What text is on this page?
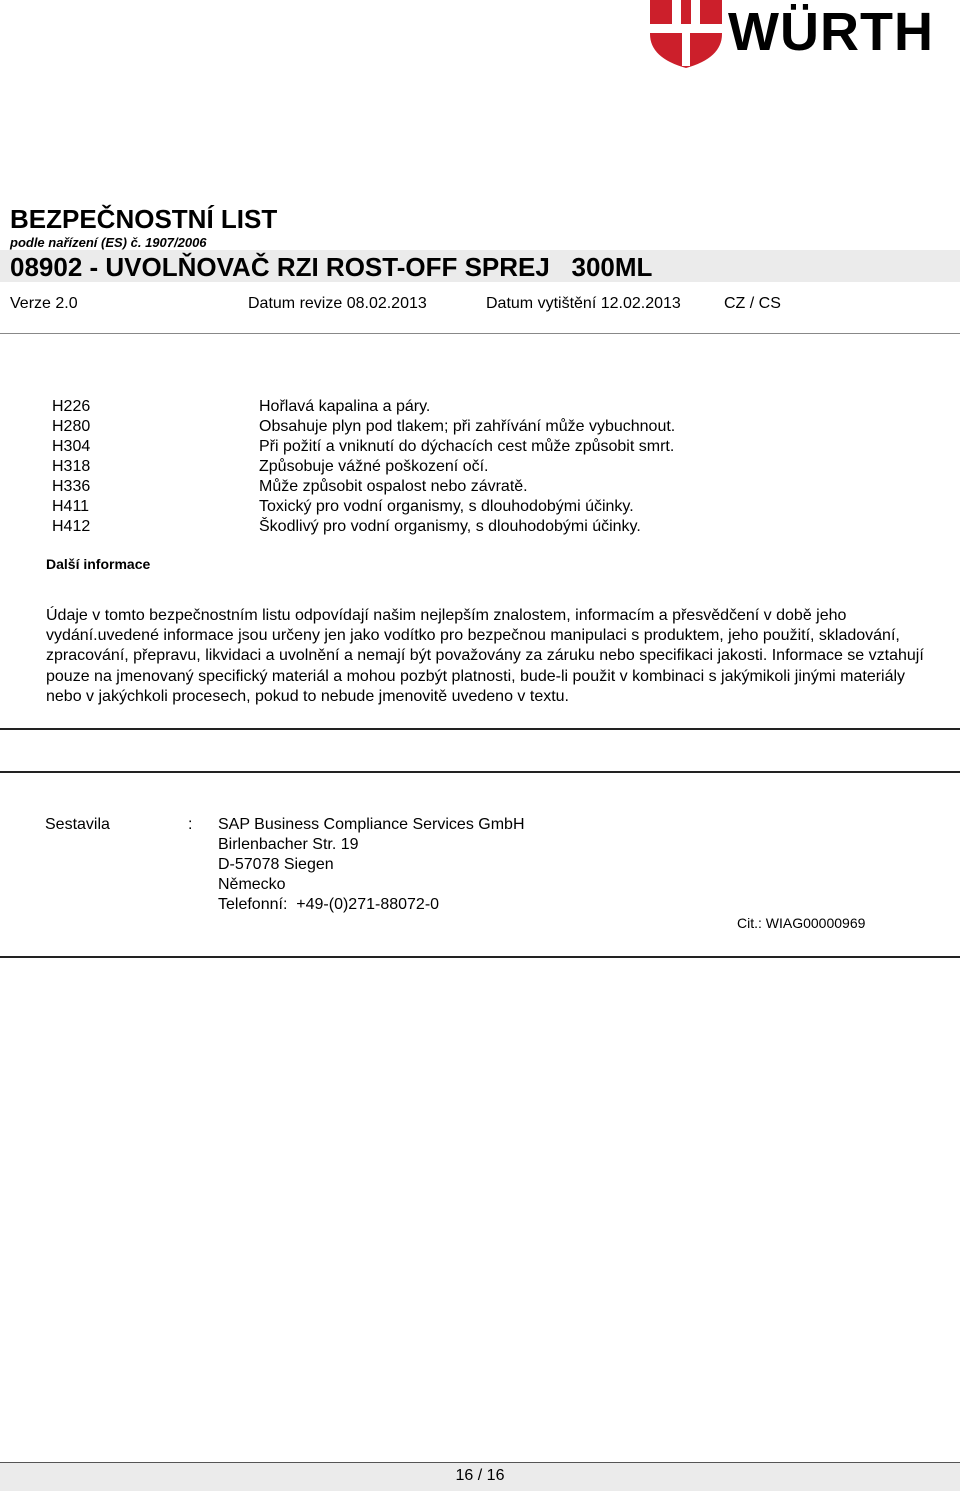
WÜRTH
BEZPEČNOSTNÍ LIST
podle nařízení (ES) č. 1907/2006
08902 - UVOLŇOVAČ RZI ROST-OFF SPREJ   300ML
Verze 2.0	Datum revize 08.02.2013	Datum vytištění 12.02.2013	CZ / CS
H226	Hořlavá kapalina a páry.
H280	Obsahuje plyn pod tlakem; při zahřívání může vybuchnout.
H304	Při požití a vniknutí do dýchacích cest může způsobit smrt.
H318	Způsobuje vážné poškození očí.
H336	Může způsobit ospalost nebo závratě.
H411	Toxický pro vodní organismy, s dlouhodobými účinky.
H412	Škodlivý pro vodní organismy, s dlouhodobými účinky.
Další informace
Údaje v tomto bezpečnostním listu odpovídají našim nejlepším znalostem, informacím a přesvědčení v době jeho vydání.uvedené informace jsou určeny jen jako vodítko pro bezpečnou manipulaci s produktem, jeho použití, skladování, zpracování, přepravu, likvidaci a uvolnění a nemají být považovány za záruku nebo specifikaci jakosti. Informace se vztahují pouze na jmenovaný specifický materiál a mohou pozbýt platnosti, bude-li použit v kombinaci s jakýmikoli jinými materiály nebo v jakýchkoli procesech, pokud to nebude jmenovitě uvedeno v textu.
Sestavila	: SAP Business Compliance Services GmbH
Birlenbacher Str. 19
D-57078 Siegen
Německo
Telefonní:  +49-(0)271-88072-0
Cit.: WIAG00000969
16 / 16
